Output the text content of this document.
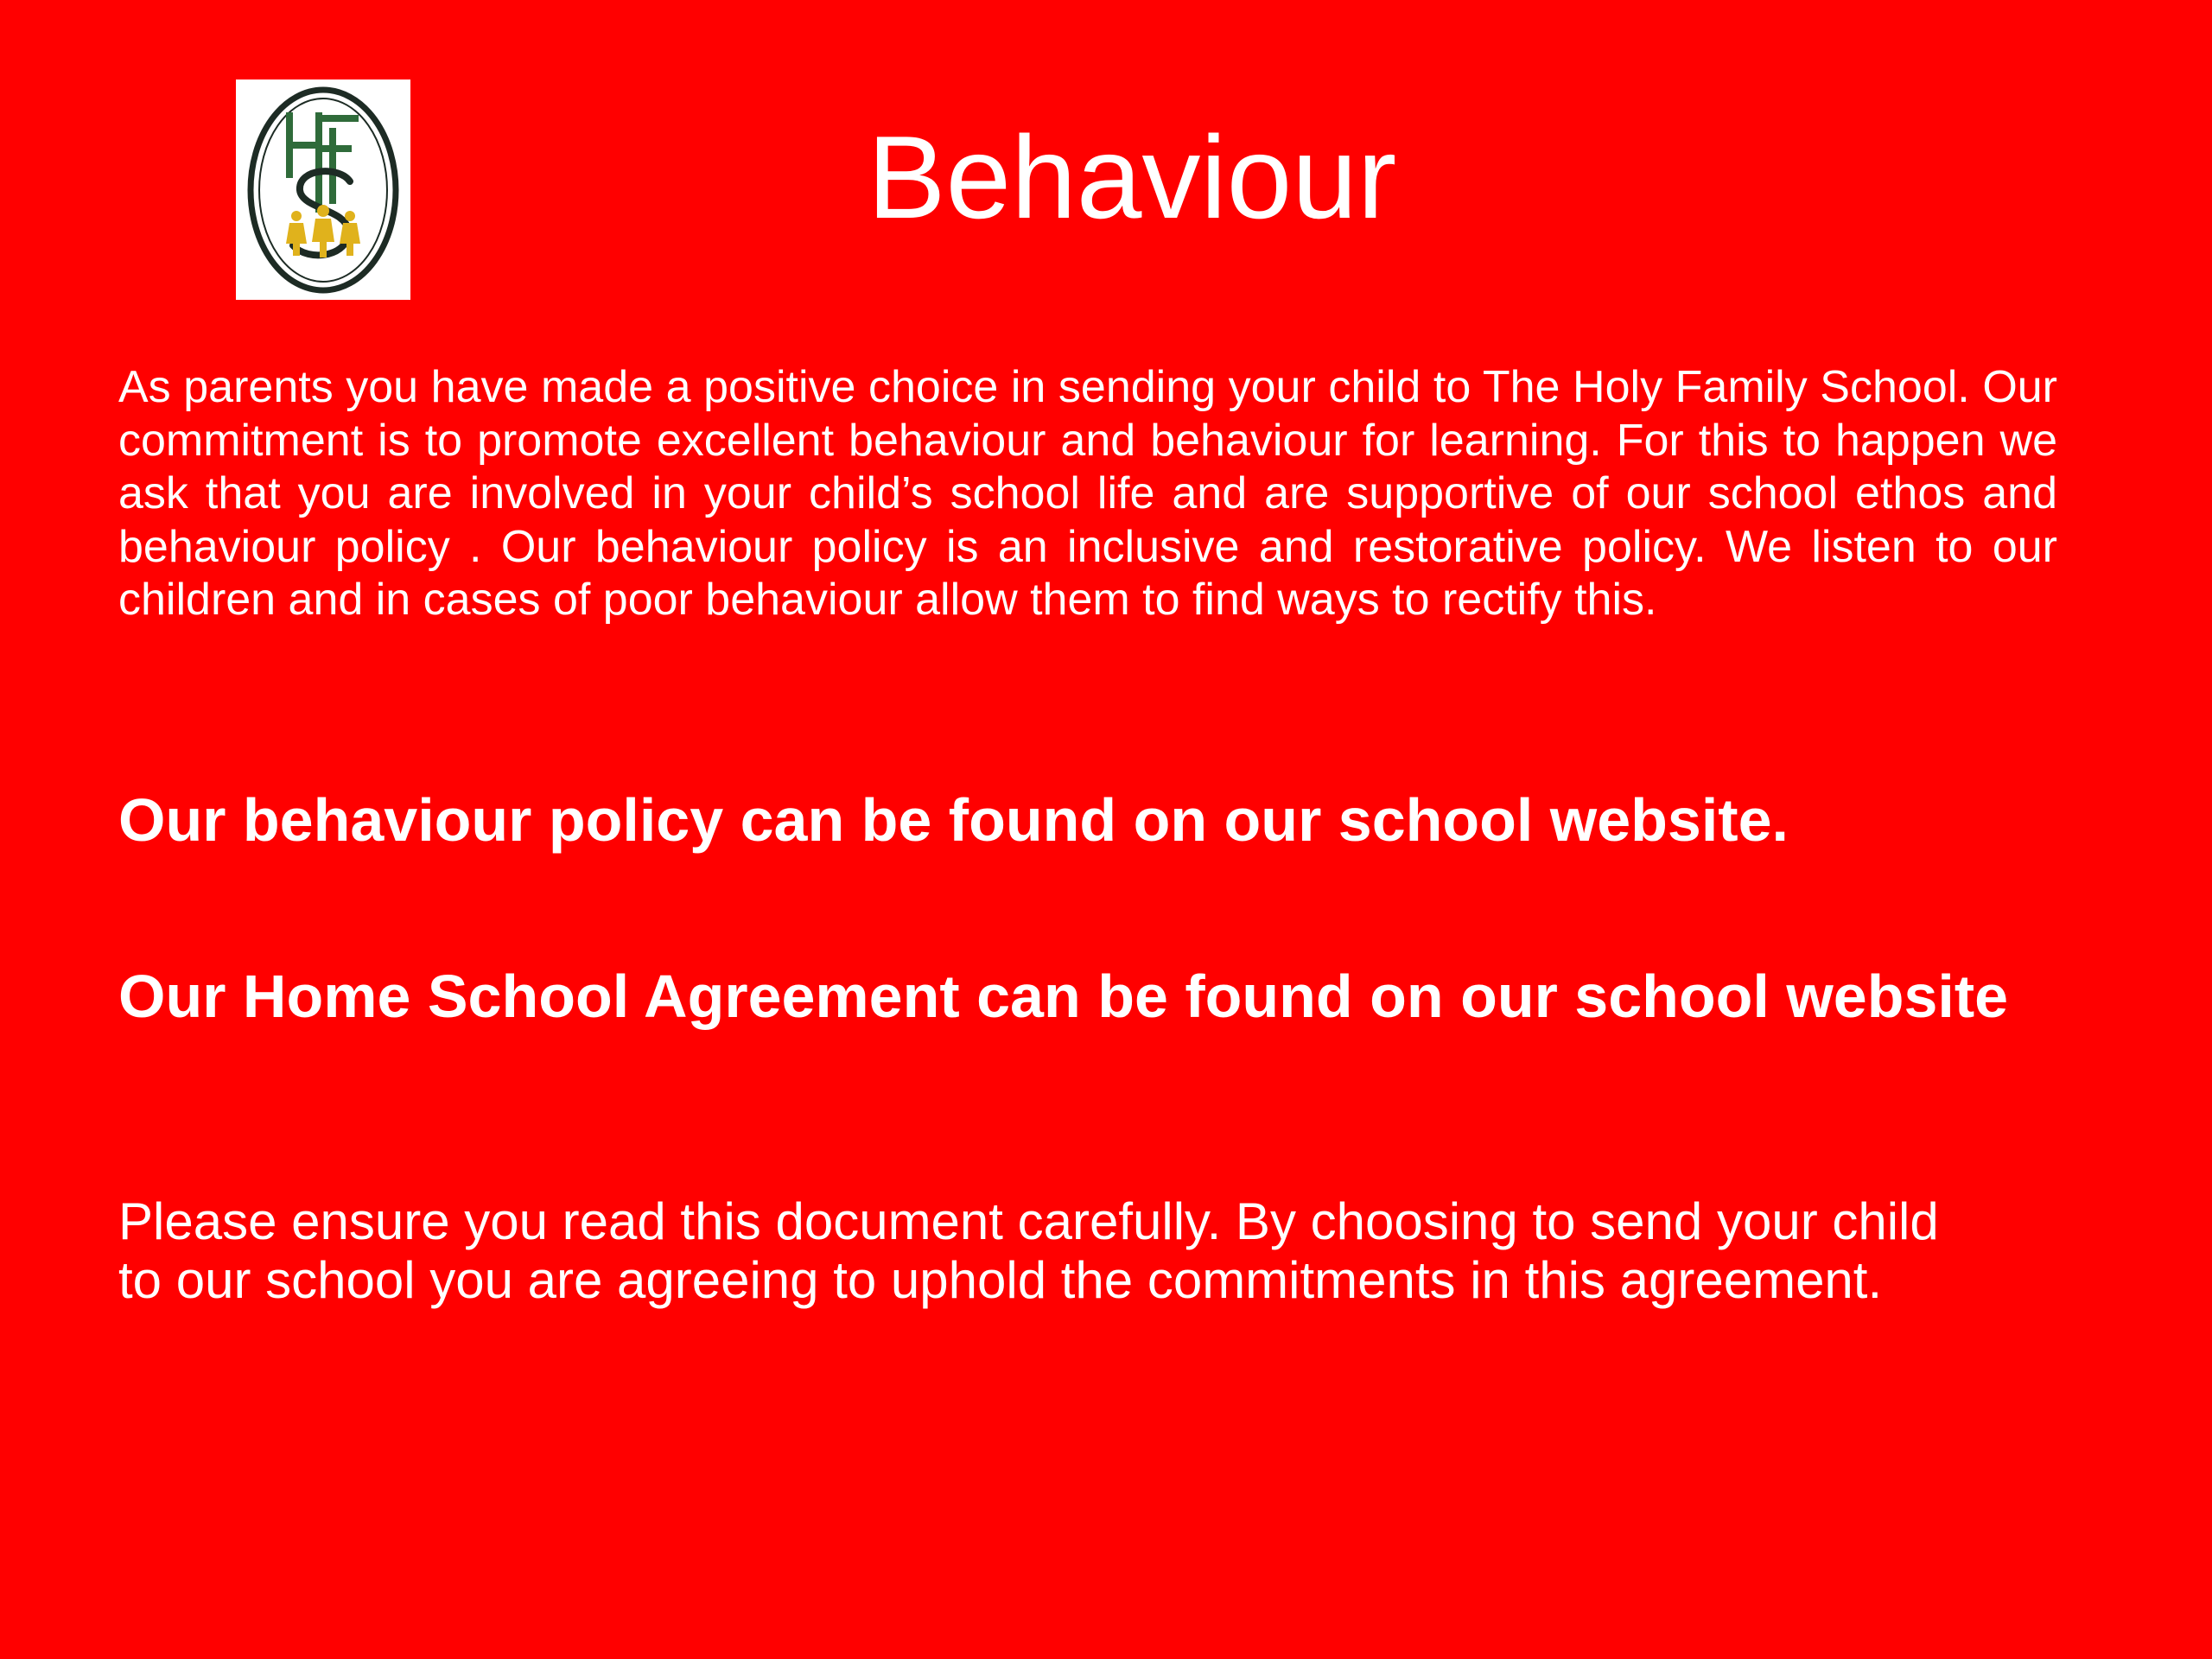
Behaviour

As parents you have made a positive choice in sending your child to The Holy Family School. Our commitment is to promote excellent behaviour and behaviour for learning. For this to happen we ask that you are involved in your child’s school life and are supportive of our school ethos and behaviour policy . Our behaviour policy is an inclusive and restorative policy. We listen to our children and in cases of poor behaviour allow them to find ways to rectify this.

Our behaviour policy can be found on our school website.

Our Home School Agreement can be found on our school website

Please ensure you read this document carefully. By choosing to send your child to our school you are agreeing to uphold the commitments in this agreement.
